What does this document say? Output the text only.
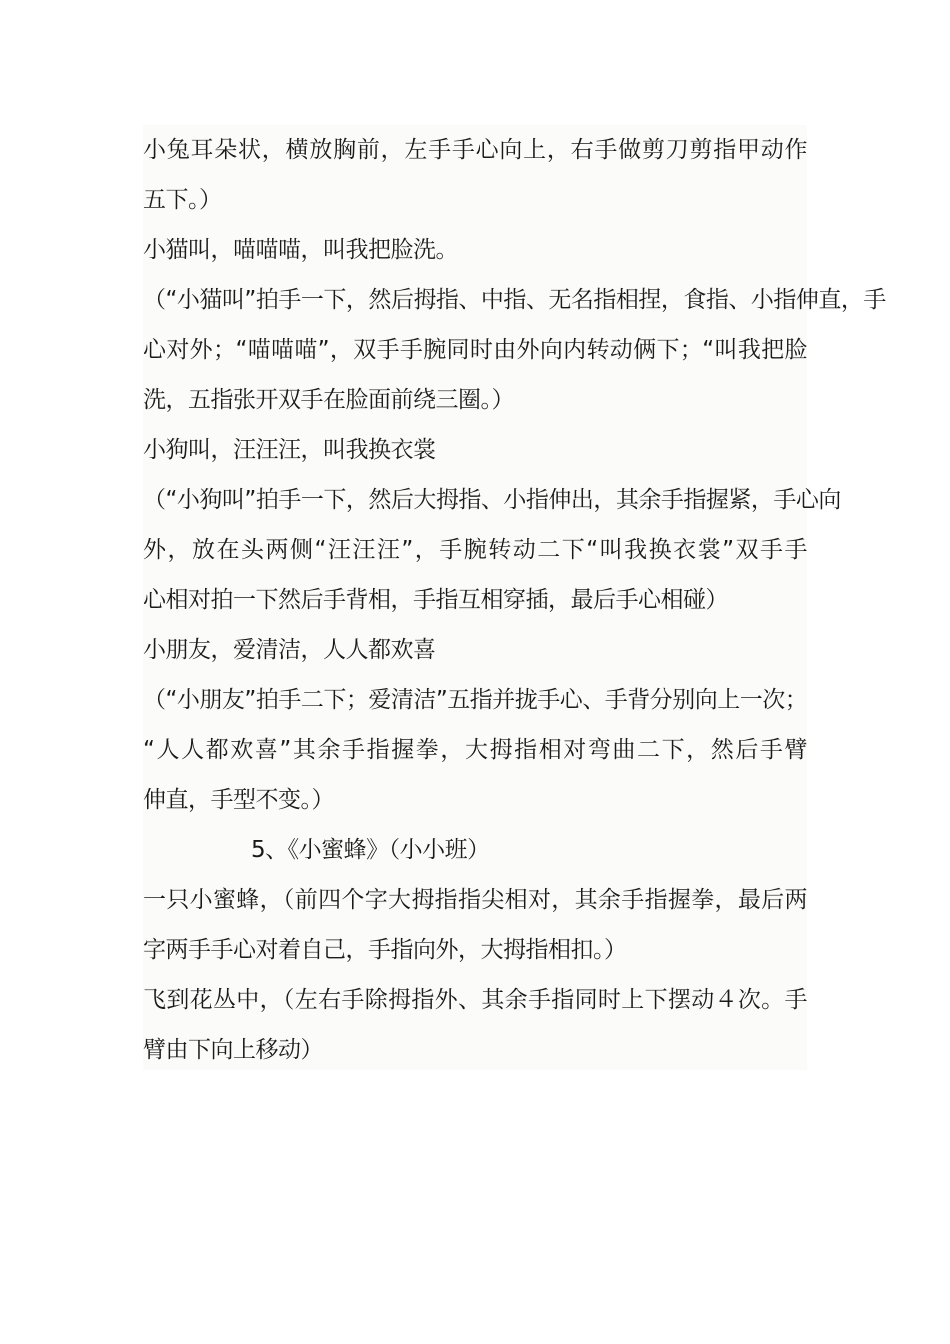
小兔耳朵状，横放胸前，左手手心向上，右手做剪刀剪指甲动作
五下。）
小猫叫，喵喵喵，叫我把脸洗。
（“小猫叫”拍手一下，然后拇指、中指、无名指相捏，食指、小指伸直，手
心对外；“喵喵喵”，双手手腕同时由外向内转动俩下；“叫我把脸
洗，五指张开双手在脸面前绕三圈。）
小狗叫，汪汪汪，叫我换衣裳
（“小狗叫”拍手一下，然后大拇指、小指伸出，其余手指握紧，手心向
外，放在头两侧“汪汪汪”，手腕转动二下“叫我换衣裳”双手手
心相对拍一下然后手背相，手指互相穿插，最后手心相碰）
小朋友，爱清洁，人人都欢喜
（“小朋友”拍手二下；爱清洁”五指并拢手心、手背分别向上一次；
“人人都欢喜”其余手指握拳，大拇指相对弯曲二下，然后手臂
伸直，手型不变。）
5、《小蜜蜂》（小小班）
一只小蜜蜂，（前四个字大拇指指尖相对，其余手指握拳，最后两
字两手手心对着自己，手指向外，大拇指相扣。）
飞到花丛中，（左右手除拇指外、其余手指同时上下摆动４次。手
臂由下向上移动）
